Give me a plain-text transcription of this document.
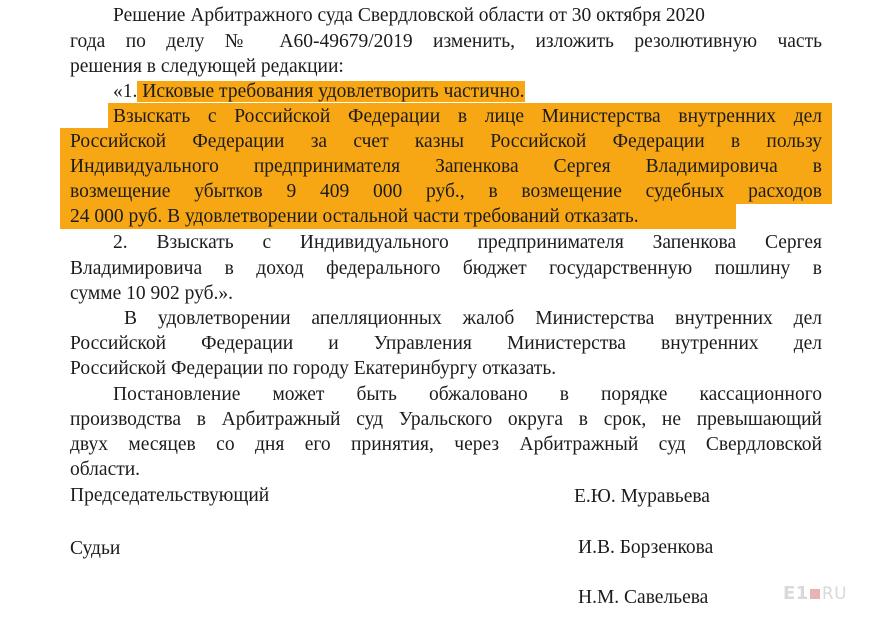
Решение Арбитражного суда Свердловской области от 30 октября 2020
года по делу № А60-49679/2019 изменить, изложить резолютивную часть
решения в следующей редакции:
«1. Исковые требования удовлетворить частично.
Взыскать с Российской Федерации в лице Министерства внутренних дел
Российской Федерации за счет казны Российской Федерации в пользу
Индивидуального предпринимателя Запенкова Сергея Владимировича в
возмещение убытков 9 409 000 руб., в возмещение судебных расходов
24 000 руб. В удовлетворении остальной части требований отказать.
2. Взыскать с Индивидуального предпринимателя Запенкова Сергея
Владимировича в доход федерального бюджет государственную пошлину в
сумме 10 902 руб.».
В удовлетворении апелляционных жалоб Министерства внутренних дел
Российской Федерации и Управления Министерства внутренних дел
Российской Федерации по городу Екатеринбургу отказать.
Постановление может быть обжаловано в порядке кассационного
производства в Арбитражный суд Уральского округа в срок, не превышающий
двух месяцев со дня его принятия, через Арбитражный суд Свердловской
области.
Председательствующий	Е.Ю. Муравьева
Судьи	И.В. Борзенкова
Н.М. Савельева	E1 RU
